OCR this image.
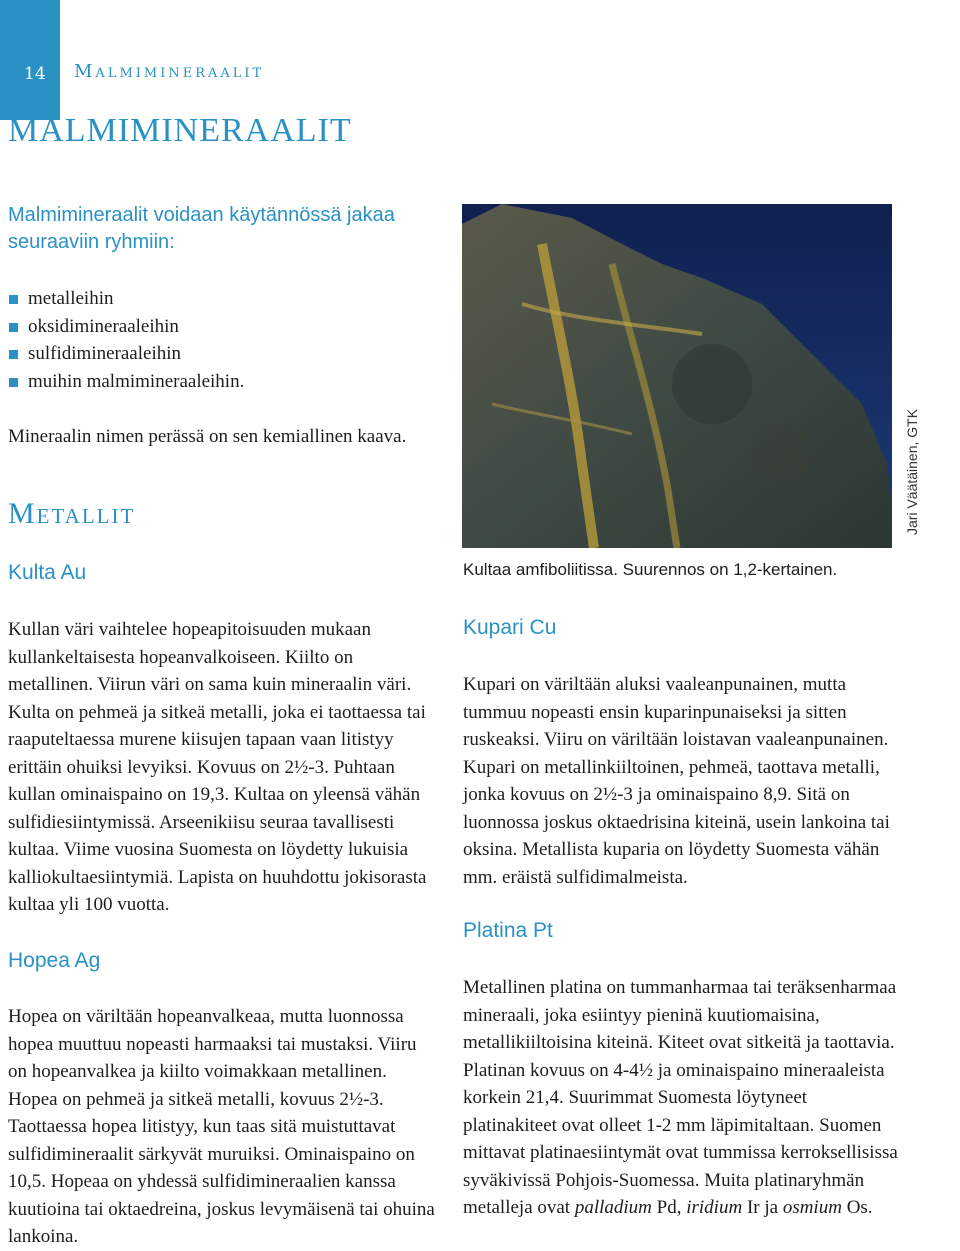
14 Malmimineraalit
MALMIMINERAALIT
Malmimineraalit voidaan käytännössä jakaa seuraaviin ryhmiin:
metalleihin
oksidimineraaleihin
sulfidimineraaleihin
muihin malmimineraaleihin.

Mineraalin nimen perässä on sen kemiallinen kaava.

Metallit
Kulta Au

Kullan väri vaihtelee hopeapitoisuuden mukaan kullankeltaisesta hopeanvalkoiseen. Kiilto on metallinen. Viirun väri on sama kuin mineraalin väri. Kulta on pehmeä ja sitkeä metalli, joka ei taottaessa tai raaputeltaessa murene kiisujen tapaan vaan litistyy erittäin ohuiksi levyiksi. Kovuus on 2½-3. Puhtaan kullan ominaispaino on 19,3. Kultaa on yleensä vähän sulfidiesiintymissä. Arseenikiisu seuraa tavallisesti kultaa. Viime vuosina Suomesta on löydetty lukuisia kalliokultaesiintymiä. Lapista on huuhdottu jokisorasta kultaa yli 100 vuotta.

Hopea Ag

Hopea on väriltään hopeanvalkeaa, mutta luonnossa hopea muuttuu nopeasti harmaaksi tai mustaksi. Viiru on hopeanvalkea ja kiilto voimakkaan metallinen. Hopea on pehmeä ja sitkeä metalli, kovuus 2½-3. Taottaessa hopea litistyy, kun taas sitä muistuttavat sulfidimineraalit särkyvät muruiksi. Ominaispaino on 10,5. Hopeaa on yhdessä sulfidimineraalien kanssa kuutioina tai oktaedreina, joskus levymäisenä tai ohuina lankoina.

Jari Väätäinen, GTK

Kultaa amfiboliitissa. Suurennos on 1,2-kertainen.

Kupari Cu

Kupari on väriltään aluksi vaaleanpunainen, mutta tummuu nopeasti ensin kuparinpunaiseksi ja sitten ruskeaksi. Viiru on väriltään loistavan vaaleanpunainen. Kupari on metallinkiiltoinen, pehmeä, taottava metalli, jonka kovuus on 2½-3 ja ominaispaino 8,9. Sitä on luonnossa joskus oktaedrisina kiteinä, usein lankoina tai oksina. Metallista kuparia on löydetty Suomesta vähän mm. eräistä sulfidimalmeista.

Platina Pt

Metallinen platina on tummanharmaa tai teräksenharmaa mineraali, joka esiintyy pieninä kuutiomaisina, metallikiiltoisina kiteinä. Kiteet ovat sitkeitä ja taottavia. Platinan kovuus on 4-4½ ja ominaispaino mineraaleista korkein 21,4. Suurimmat Suomesta löytyneet platinakiteet ovat olleet 1-2 mm läpimitaltaan. Suomen mittavat platinaesiintymät ovat tummissa kerroksellisissa syväkivissä Pohjois-Suomessa. Muita platinaryhmän metalleja ovat palladium Pd, iridium Ir ja osmium Os.
